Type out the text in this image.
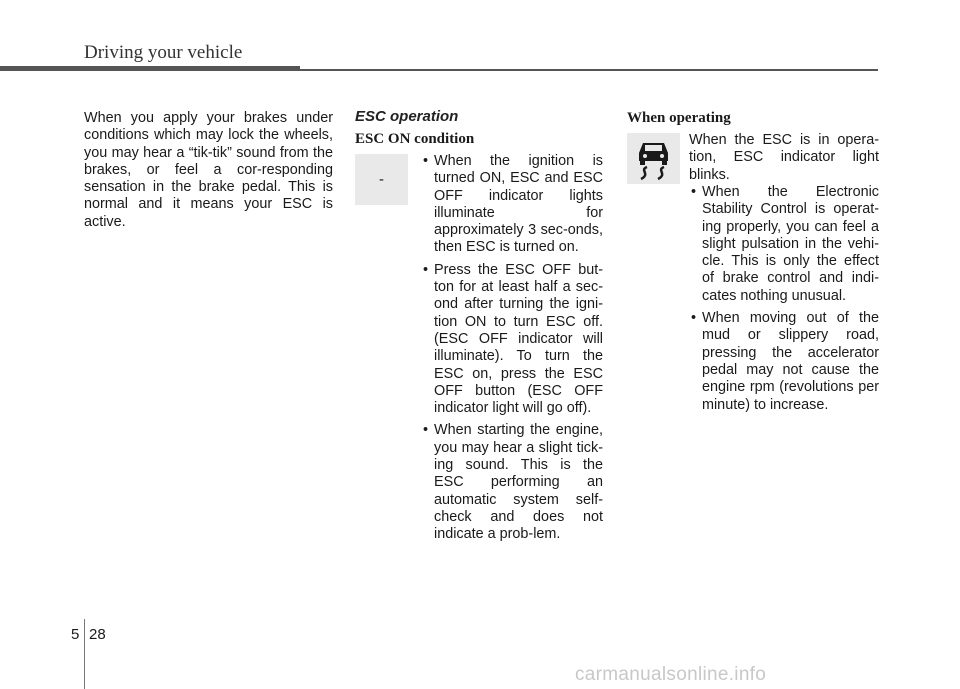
Driving your vehicle
When you apply your brakes under conditions which may lock the wheels, you may hear a “tik-tik” sound from the brakes, or feel a cor-responding sensation in the brake pedal. This is normal and it means your ESC is active.
ESC operation
ESC ON condition
-
• When the ignition is turned ON, ESC and ESC OFF indicator lights illuminate for approximately 3 sec-onds, then ESC is turned on.
• Press the ESC OFF but-ton for at least half a sec-ond after turning the igni-tion ON to turn ESC off. (ESC OFF indicator will illuminate). To turn the ESC on, press the ESC OFF button (ESC OFF indicator light will go off).
• When starting the engine, you may hear a slight tick-ing sound. This is the ESC performing an automatic system self-check and does not indicate a prob-lem.
When operating
When the ESC is in opera-tion, ESC indicator light blinks.
• When the Electronic Stability Control is operat-ing properly, you can feel a slight pulsation in the vehi-cle. This is only the effect of brake control and indi-cates nothing unusual.
• When moving out of the mud or slippery road, pressing the accelerator pedal may not cause the engine rpm (revolutions per minute) to increase.
5 28
carmanualsonline.info
